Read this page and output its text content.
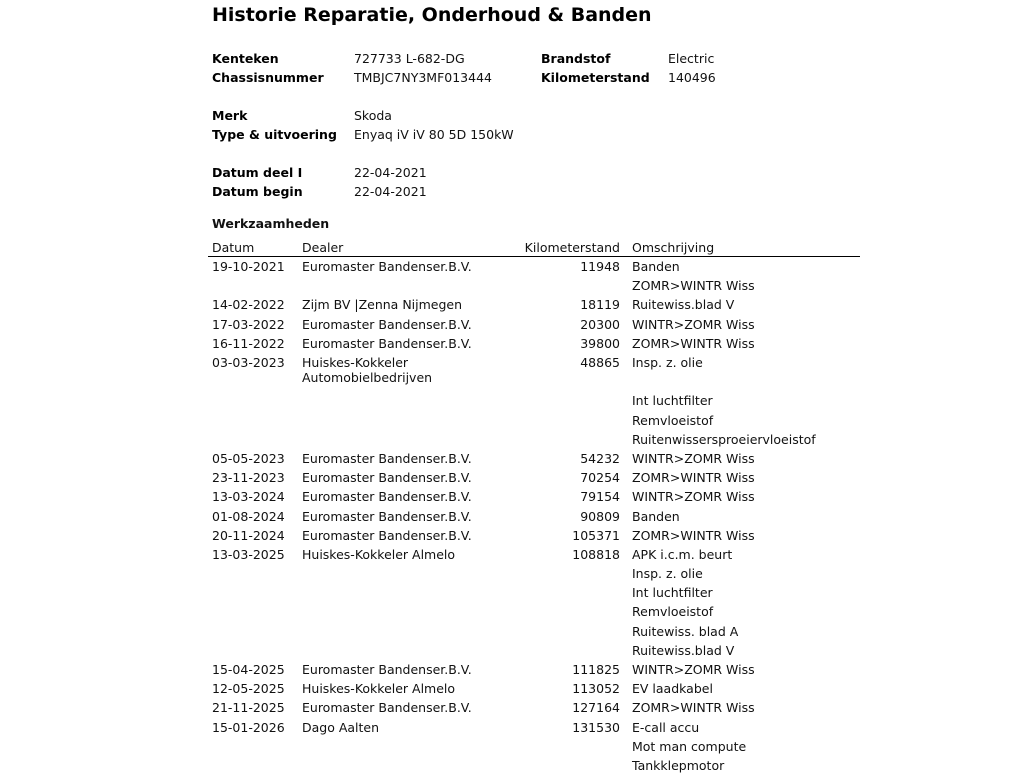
Historie Reparatie, Onderhoud & Banden
Kenteken	727733 L-682-DG	Brandstof	Electric
Chassisnummer TMBJC7NY3MF013444	Kilometerstand 140496
Merk	Skoda
Type & uitvoering Enyaq iV iV 80 5D 150kW
Datum deel I	22-04-2021
Datum begin	22-04-2021
Werkzaamheden
Datum	Dealer	Kilometerstand Omschrijving
19-10-2021 Euromaster Bandenser.B.V.	11948 Banden
ZOMR>WINTR Wiss
14-02-2022 Zijm BV |Zenna Nijmegen	18119 Ruitewiss.blad V
17-03-2022 Euromaster Bandenser.B.V.	20300 WINTR>ZOMR Wiss
16-11-2022 Euromaster Bandenser.B.V.	39800 ZOMR>WINTR Wiss
03-03-2023 Huiskes-Kokkeler
Automobielbedrijven
48865 Insp. z. olie
Int luchtfilter
Remvloeistof
Ruitenwissersproeiervloeistof
05-05-2023 Euromaster Bandenser.B.V.	54232 WINTR>ZOMR Wiss
23-11-2023 Euromaster Bandenser.B.V.	70254 ZOMR>WINTR Wiss
13-03-2024 Euromaster Bandenser.B.V.	79154 WINTR>ZOMR Wiss
01-08-2024 Euromaster Bandenser.B.V.	90809 Banden
20-11-2024 Euromaster Bandenser.B.V.	105371 ZOMR>WINTR Wiss
13-03-2025 Huiskes-Kokkeler Almelo	108818 APK i.c.m. beurt
Insp. z. olie
Int luchtfilter
Remvloeistof
Ruitewiss. blad A
Ruitewiss.blad V
15-04-2025 Euromaster Bandenser.B.V.	111825 WINTR>ZOMR Wiss
12-05-2025 Huiskes-Kokkeler Almelo	113052 EV laadkabel
21-11-2025 Euromaster Bandenser.B.V.	127164 ZOMR>WINTR Wiss
15-01-2026 Dago Aalten	131530 E-call accu
Mot man compute
Tankklepmotor
